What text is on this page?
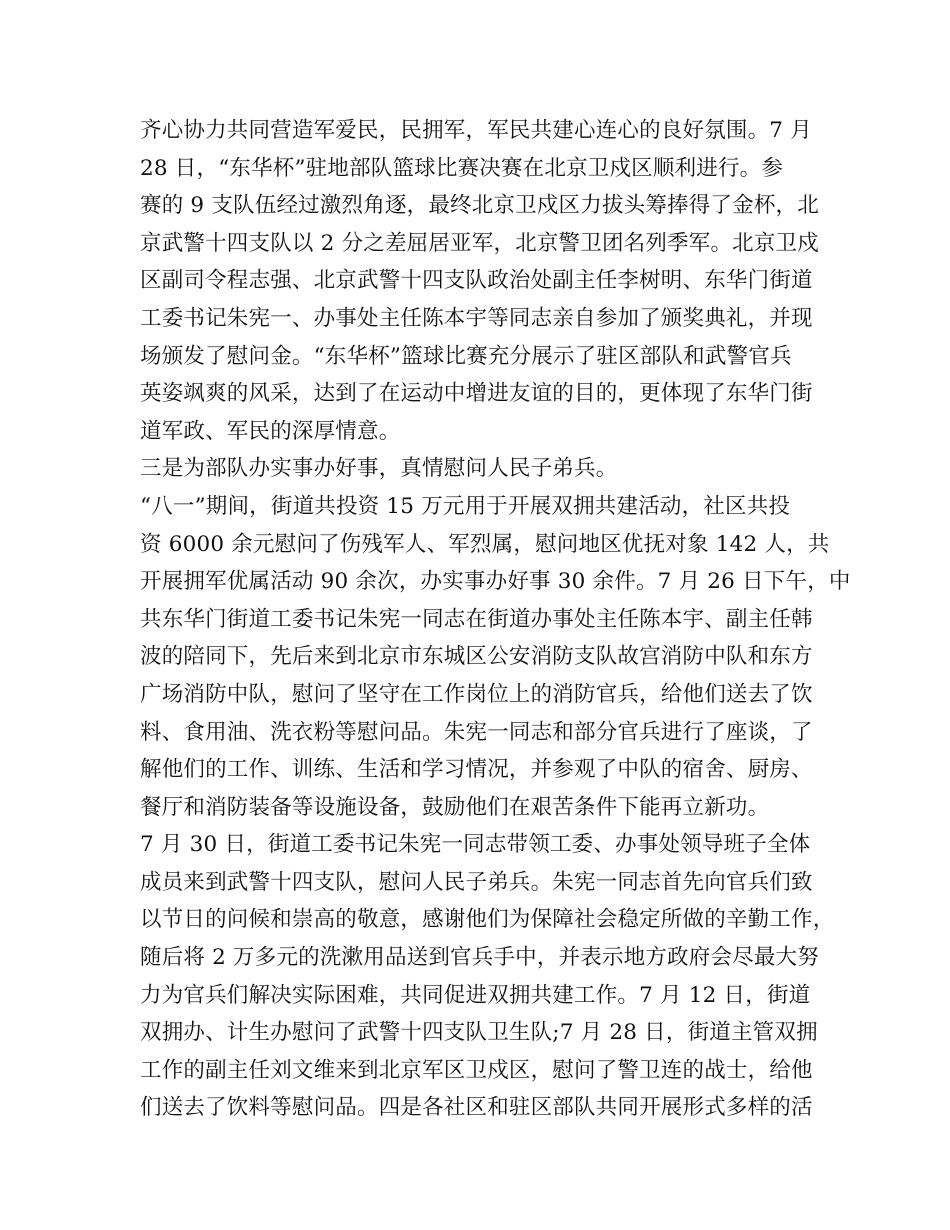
齐心协力共同营造军爱民，民拥军，军民共建心连心的良好氛围。7 月
28 日，“东华杯”驻地部队篮球比赛决赛在北京卫戍区顺利进行。参
赛的 9 支队伍经过激烈角逐，最终北京卫戍区力拔头筹捧得了金杯，北
京武警十四支队以 2 分之差屈居亚军，北京警卫团名列季军。北京卫戍
区副司令程志强、北京武警十四支队政治处副主任李树明、东华门街道
工委书记朱宪一、办事处主任陈本宇等同志亲自参加了颁奖典礼，并现
场颁发了慰问金。“东华杯”篮球比赛充分展示了驻区部队和武警官兵
英姿飒爽的风采，达到了在运动中增进友谊的目的，更体现了东华门街
道军政、军民的深厚情意。
三是为部队办实事办好事，真情慰问人民子弟兵。
“八一”期间，街道共投资 15 万元用于开展双拥共建活动，社区共投
资 6000 余元慰问了伤残军人、军烈属，慰问地区优抚对象 142 人，共
开展拥军优属活动 90 余次，办实事办好事 30 余件。7 月 26 日下午，中
共东华门街道工委书记朱宪一同志在街道办事处主任陈本宇、副主任韩
波的陪同下，先后来到北京市东城区公安消防支队故宫消防中队和东方
广场消防中队，慰问了坚守在工作岗位上的消防官兵，给他们送去了饮
料、食用油、洗衣粉等慰问品。朱宪一同志和部分官兵进行了座谈，了
解他们的工作、训练、生活和学习情况，并参观了中队的宿舍、厨房、
餐厅和消防装备等设施设备，鼓励他们在艰苦条件下能再立新功。
7 月 30 日，街道工委书记朱宪一同志带领工委、办事处领导班子全体
成员来到武警十四支队，慰问人民子弟兵。朱宪一同志首先向官兵们致
以节日的问候和崇高的敬意，感谢他们为保障社会稳定所做的辛勤工作，
随后将 2 万多元的洗漱用品送到官兵手中，并表示地方政府会尽最大努
力为官兵们解决实际困难，共同促进双拥共建工作。7 月 12 日，街道
双拥办、计生办慰问了武警十四支队卫生队;7 月 28 日，街道主管双拥
工作的副主任刘文维来到北京军区卫戍区，慰问了警卫连的战士，给他
们送去了饮料等慰问品。四是各社区和驻区部队共同开展形式多样的活
